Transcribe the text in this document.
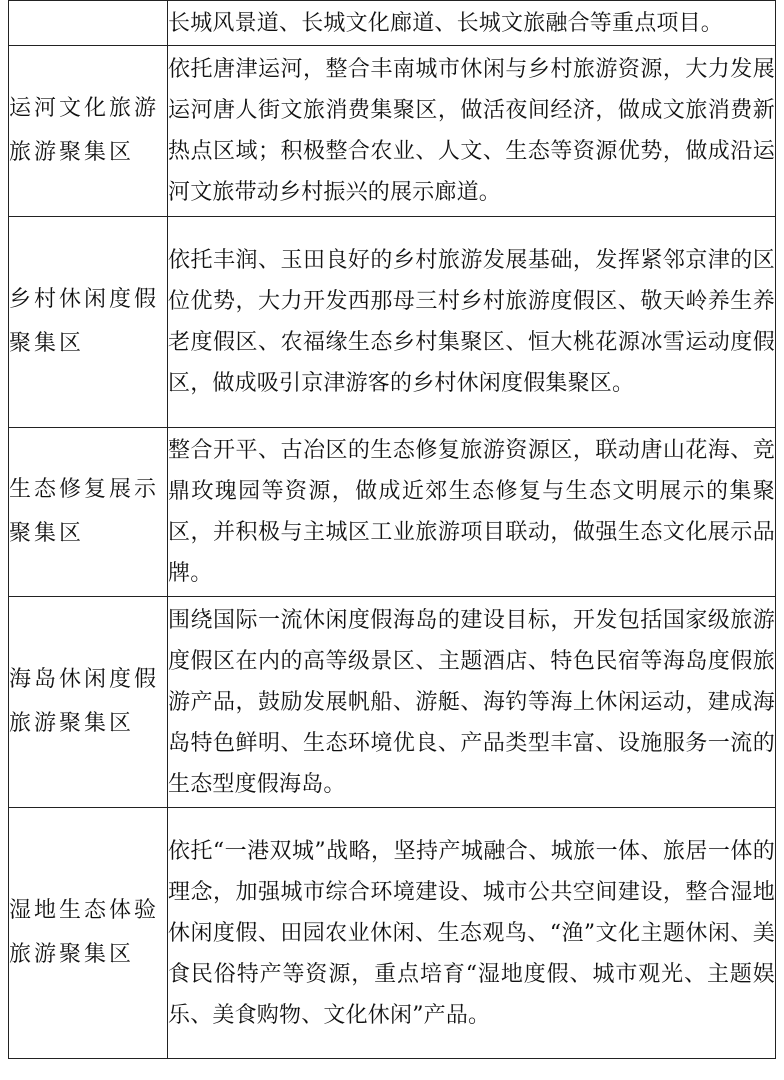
	长城风景道、长城文化廊道、长城文旅融合等重点项目。
运河文化旅游旅游聚集区	依托唐津运河，整合丰南城市休闲与乡村旅游资源，大力发展运河唐人街文旅消费集聚区，做活夜间经济，做成文旅消费新热点区域；积极整合农业、人文、生态等资源优势，做成沿运河文旅带动乡村振兴的展示廊道。
乡村休闲度假聚集区	依托丰润、玉田良好的乡村旅游发展基础，发挥紧邻京津的区位优势，大力开发西那母三村乡村旅游度假区、敬天岭养生养老度假区、农福缘生态乡村集聚区、恒大桃花源冰雪运动度假区，做成吸引京津游客的乡村休闲度假集聚区。
生态修复展示聚集区	整合开平、古冶区的生态修复旅游资源区，联动唐山花海、竞鼎玫瑰园等资源，做成近郊生态修复与生态文明展示的集聚区，并积极与主城区工业旅游项目联动，做强生态文化展示品牌。
海岛休闲度假旅游聚集区	围绕国际一流休闲度假海岛的建设目标，开发包括国家级旅游度假区在内的高等级景区、主题酒店、特色民宿等海岛度假旅游产品，鼓励发展帆船、游艇、海钓等海上休闲运动，建成海岛特色鲜明、生态环境优良、产品类型丰富、设施服务一流的生态型度假海岛。
湿地生态体验旅游聚集区	依托“一港双城”战略，坚持产城融合、城旅一体、旅居一体的理念，加强城市综合环境建设、城市公共空间建设，整合湿地休闲度假、田园农业休闲、生态观鸟、“渔”文化主题休闲、美食民俗特产等资源，重点培育“湿地度假、城市观光、主题娱乐、美食购物、文化休闲”产品。
